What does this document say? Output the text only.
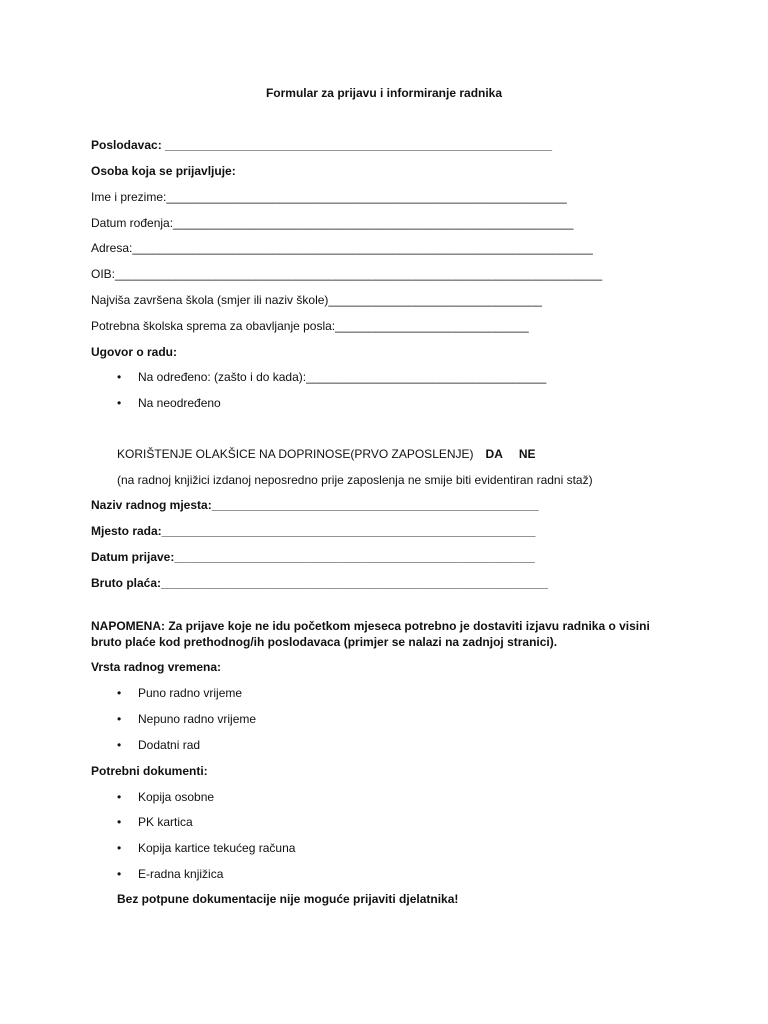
Formular za prijavu i informiranje radnika
Poslodavac: __________________________________________________________
Osoba koja se prijavljuje:
Ime i prezime:____________________________________________________________
Datum rođenja:____________________________________________________________
Adresa:_____________________________________________________________________
OIB:_________________________________________________________________________
Najviša završena škola (smjer ili naziv škole)________________________________
Potrebna školska sprema za obavljanje posla:_____________________________
Ugovor o radu:
• Na određeno: (zašto i do kada):____________________________________
• Na neodređeno
KORIŠTENJE OLAKŠICE NA DOPRINOSE(PRVO ZAPOSLENJE) DA NE
(na radnoj knjižici izdanoj neposredno prije zaposlenja ne smije biti evidentiran radni staž)
Naziv radnog mjesta:_________________________________________________
Mjesto rada:________________________________________________________
Datum prijave:______________________________________________________
Bruto plaća:__________________________________________________________
NAPOMENA: Za prijave koje ne idu početkom mjeseca potrebno je dostaviti izjavu radnika o visini bruto plaće kod prethodnog/ih poslodavaca (primjer se nalazi na zadnjoj stranici).
Vrsta radnog vremena:
• Puno radno vrijeme
• Nepuno radno vrijeme
• Dodatni rad
Potrebni dokumenti:
• Kopija osobne
• PK kartica
• Kopija kartice tekućeg računa
• E-radna knjižica
Bez potpune dokumentacije nije moguće prijaviti djelatnika!
